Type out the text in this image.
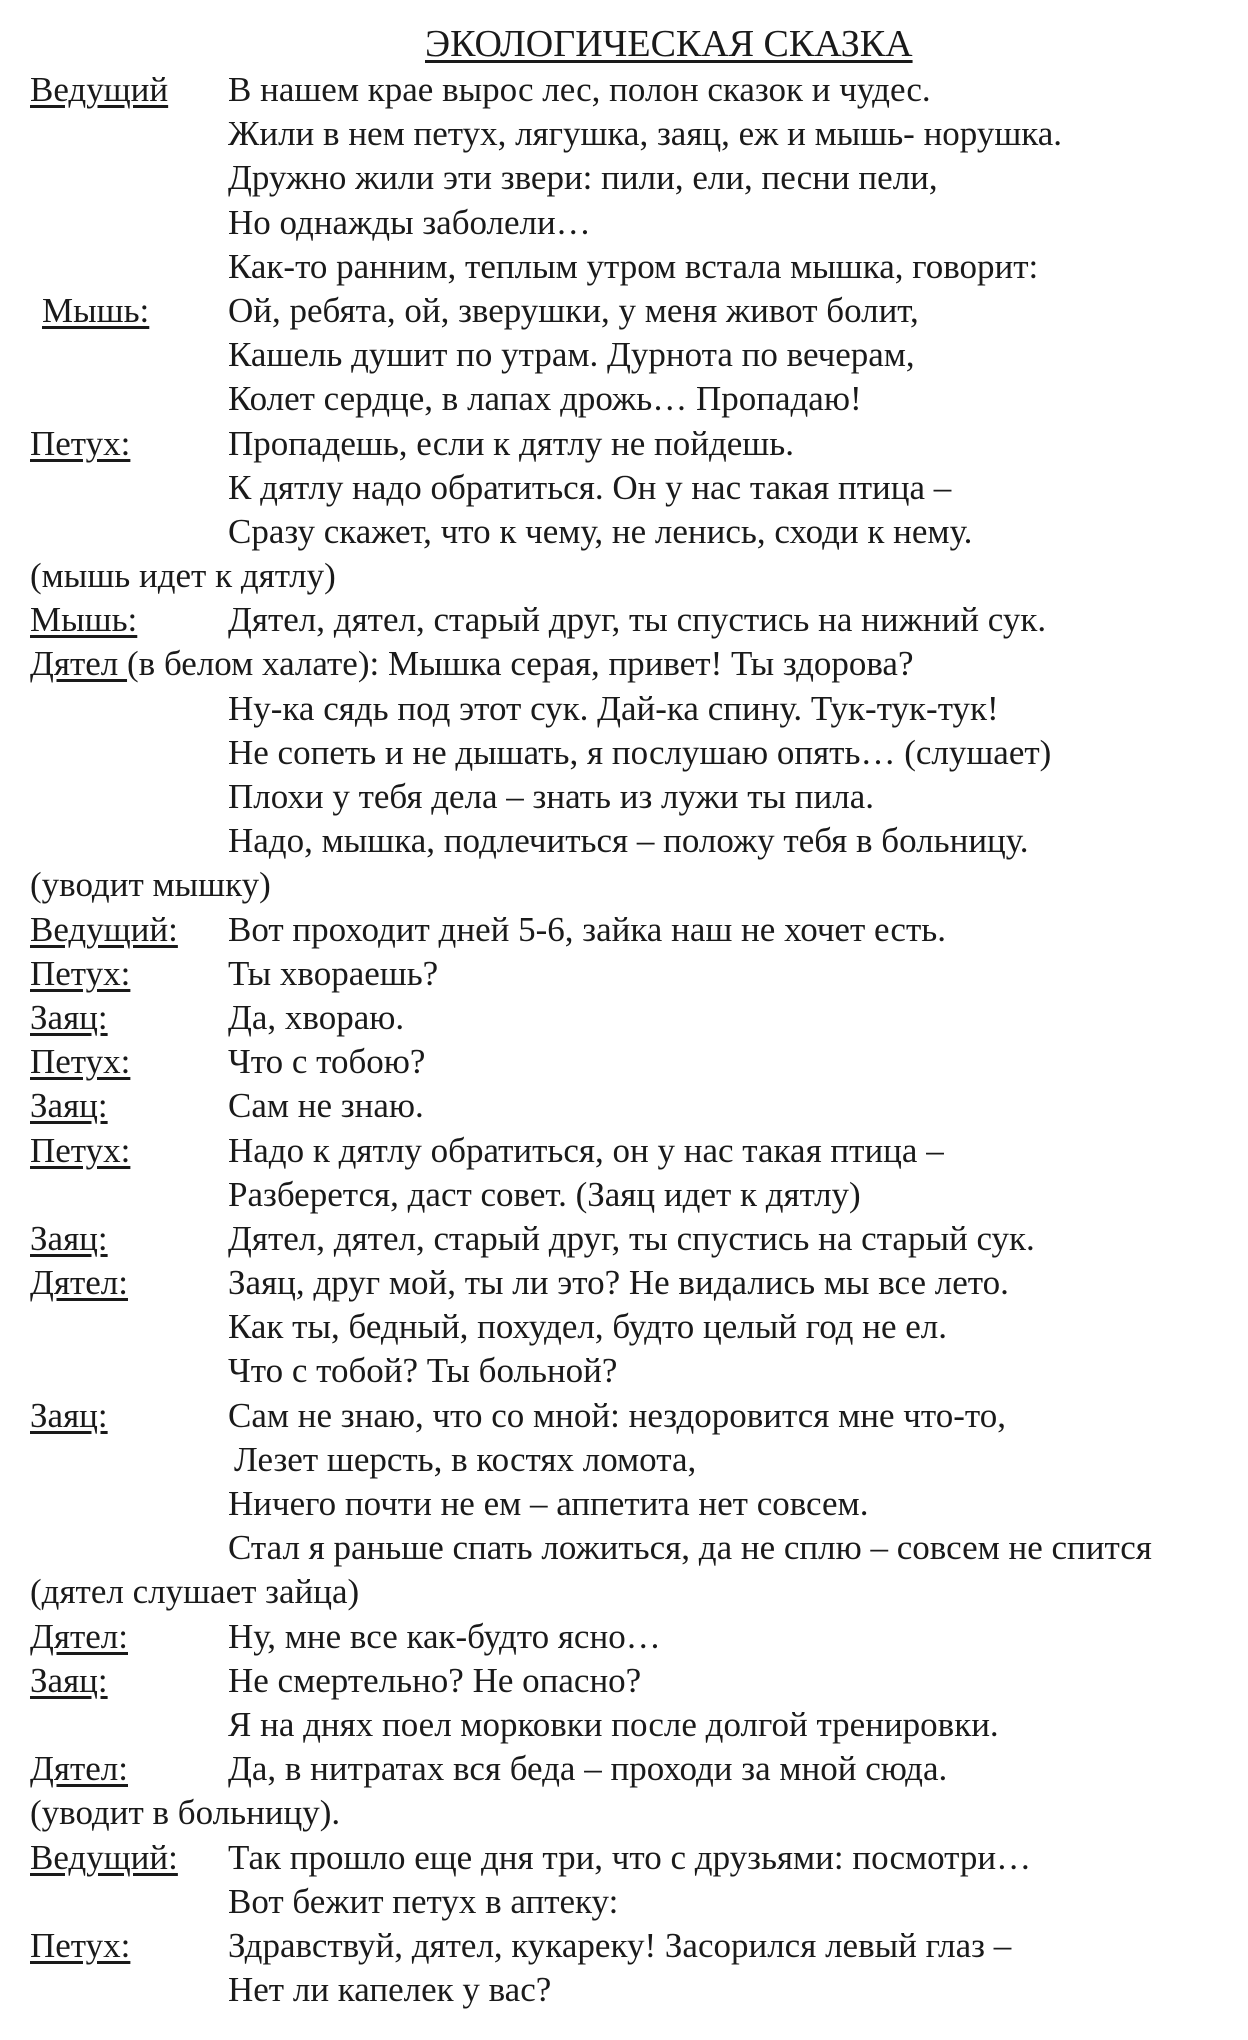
ЭКОЛОГИЧЕСКАЯ СКАЗКА
Ведущий В нашем крае вырос лес, полон сказок и чудес.
Жили в нем петух, лягушка, заяц, еж и мышь- норушка.
Дружно жили эти звери: пили, ели, песни пели,
Но однажды заболели…
Как-то ранним, теплым утром встала мышка, говорит:
Мышь: Ой, ребята, ой, зверушки, у меня живот болит,
Кашель душит по утрам. Дурнота по вечерам,
Колет сердце, в лапах дрожь… Пропадаю!
Петух:	Пропадешь, если к дятлу не пойдешь.
К дятлу надо обратиться. Он у нас такая птица –
Сразу скажет, что к чему, не ленись, сходи к нему.
(мышь идет к дятлу)
Мышь:	Дятел, дятел, старый друг, ты спустись на нижний сук.
Дятел (в белом халате): Мышка серая, привет! Ты здорова?
Ну-ка сядь под этот сук. Дай-ка спину. Тук-тук-тук!
Не сопеть и не дышать, я послушаю опять… (слушает)
Плохи у тебя дела – знать из лужи ты пила.
Надо, мышка, подлечиться – положу тебя в больницу.
(уводит мышку)
Ведущий: Вот проходит дней 5-6, зайка наш не хочет есть.
Петух:	Ты хвораешь?
Заяц:	Да, хвораю.
Петух:	Что с тобою?
Заяц:	Сам не знаю.
Петух:	Надо к дятлу обратиться, он у нас такая птица –
Разберется, даст совет. (Заяц идет к дятлу)
Заяц:	Дятел, дятел, старый друг, ты спустись на старый сук.
Дятел:	Заяц, друг мой, ты ли это? Не видались мы все лето.
Как ты, бедный, похудел, будто целый год не ел.
Что с тобой? Ты больной?
Заяц:	Сам не знаю, что со мной: нездоровится мне что-то,
Лезет шерсть, в костях ломота,
Ничего почти не ем – аппетита нет совсем.
Стал я раньше спать ложиться, да не сплю – совсем не спится
(дятел слушает зайца)
Дятел:	Ну, мне все как-будто ясно…
Заяц:	Не смертельно? Не опасно?
Я на днях поел морковки после долгой тренировки.
Дятел:	Да, в нитратах вся беда – проходи за мной сюда.
(уводит в больницу).
Ведущий: Так прошло еще дня три, что с друзьями: посмотри…
Вот бежит петух в аптеку:
Петух:	Здравствуй, дятел, кукареку! Засорился левый глаз –
Нет ли капелек у вас?
